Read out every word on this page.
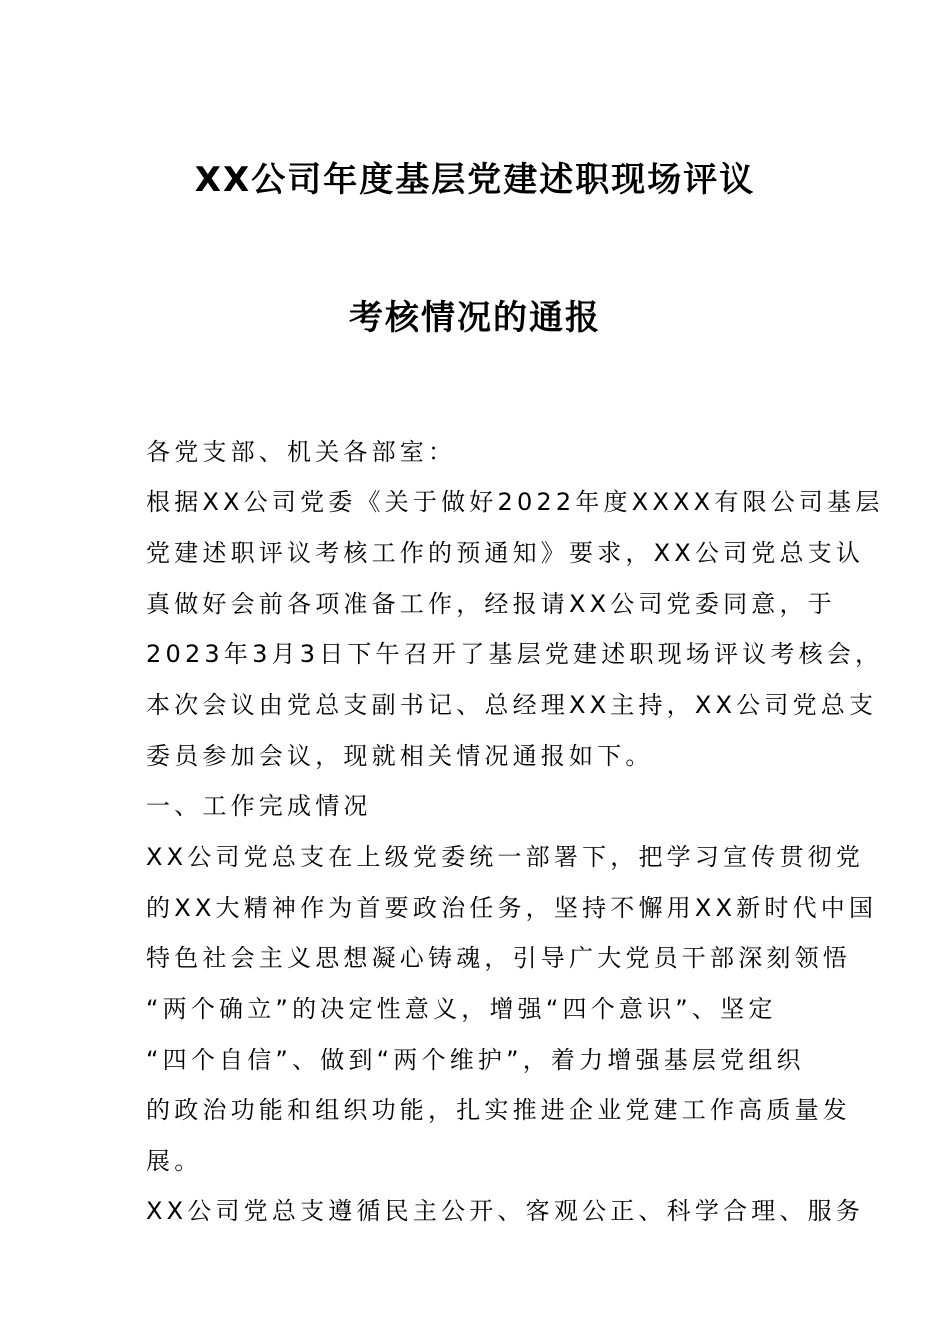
XX公司年度基层党建述职现场评议
考核情况的通报
各党支部、机关各部室：
根据XX公司党委《关于做好2022年度XXXX有限公司基层
党建述职评议考核工作的预通知》要求，XX公司党总支认
真做好会前各项准备工作，经报请XX公司党委同意，于
2023年3月3日下午召开了基层党建述职现场评议考核会，
本次会议由党总支副书记、总经理XX主持，XX公司党总支
委员参加会议，现就相关情况通报如下。
一、工作完成情况
XX公司党总支在上级党委统一部署下，把学习宣传贯彻党
的XX大精神作为首要政治任务，坚持不懈用XX新时代中国
特色社会主义思想凝心铸魂，引导广大党员干部深刻领悟
“两个确立”的决定性意义，增强“四个意识”、坚定
“四个自信”、做到“两个维护”，着力增强基层党组织
的政治功能和组织功能，扎实推进企业党建工作高质量发
展。
XX公司党总支遵循民主公开、客观公正、科学合理、服务
